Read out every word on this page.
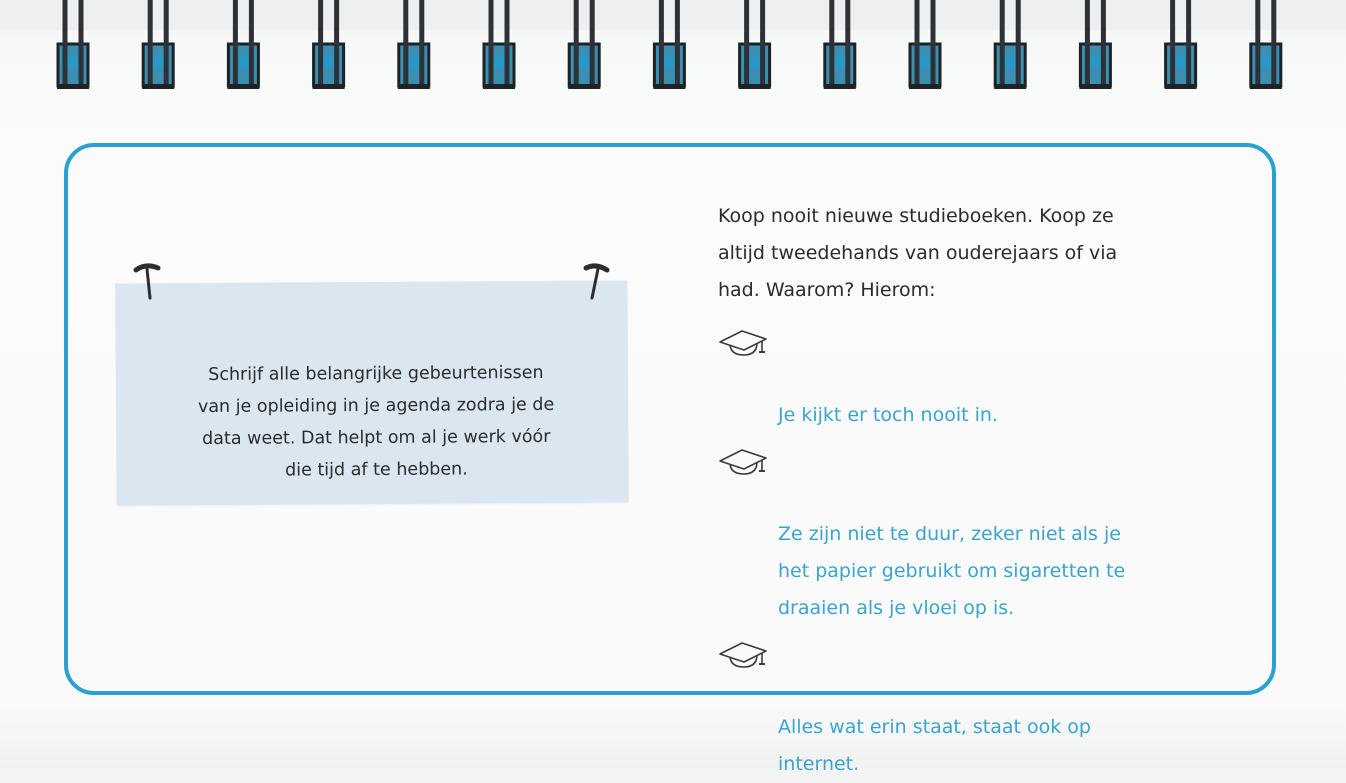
Schrijf alle belangrijke gebeurtenissen
van je opleiding in je agenda zodra je de
data weet. Dat helpt om al je werk vóór
die tijd af te hebben.

Koop nooit nieuwe studieboeken. Koop ze
altijd tweedehands van ouderejaars of via
had. Waarom? Hierom:

Je kijkt er toch nooit in.

Ze zijn niet te duur, zeker niet als je
het papier gebruikt om sigaretten te
draaien als je vloei op is.

Alles wat erin staat, staat ook op
internet.
